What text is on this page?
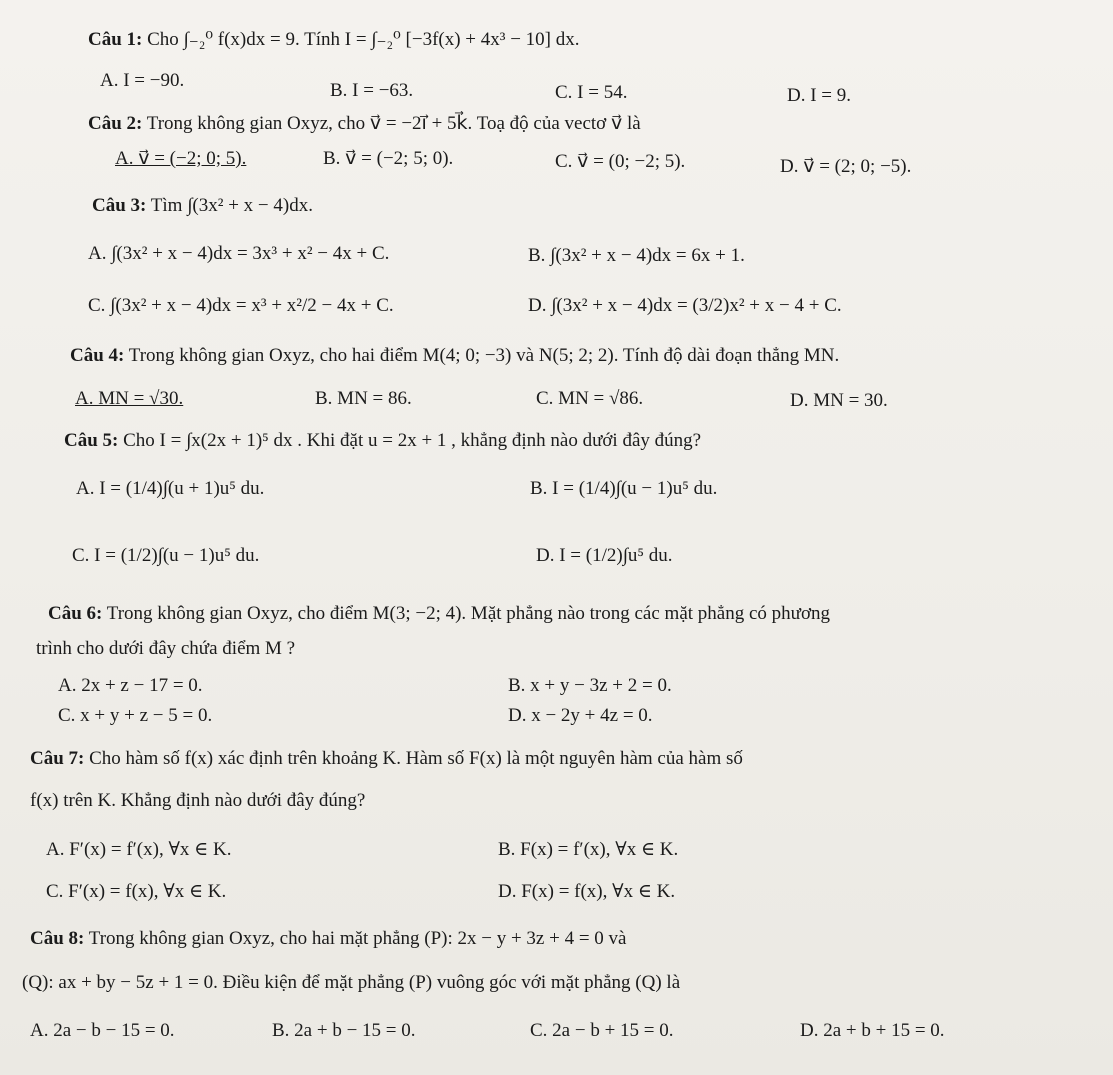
Câu 1: Cho ∫₋₂⁰ f(x)dx = 9. Tính I = ∫₋₂⁰ [−3f(x) + 4x³ − 10] dx.
A. I = −90.	B. I = −63.	C. I = 54.	D. I = 9.
Câu 2: Trong không gian Oxyz, cho v⃗ = −2i⃗ + 5k⃗. Toạ độ của vectơ v⃗ là
A. v⃗ = (−2; 0; 5).	B. v⃗ = (−2; 5; 0).	C. v⃗ = (0; −2; 5).	D. v⃗ = (2; 0; −5).
Câu 3: Tìm ∫(3x² + x − 4)dx.
A. ∫(3x² + x − 4)dx = 3x³ + x² − 4x + C.	B. ∫(3x² + x − 4)dx = 6x + 1.
C. ∫(3x² + x − 4)dx = x³ + x²/2 − 4x + C.	D. ∫(3x² + x − 4)dx = (3/2)x² + x − 4 + C.
Câu 4: Trong không gian Oxyz, cho hai điểm M(4; 0; −3) và N(5; 2; 2). Tính độ dài đoạn thẳng MN.
A. MN = √30.	B. MN = 86.	C. MN = √86.	D. MN = 30.
Câu 5: Cho I = ∫x(2x + 1)⁵ dx . Khi đặt u = 2x + 1 , khẳng định nào dưới đây đúng?
A. I = (1/4)∫(u + 1)u⁵ du.	B. I = (1/4)∫(u − 1)u⁵ du.
C. I = (1/2)∫(u − 1)u⁵ du.	D. I = (1/2)∫u⁵ du.
Câu 6: Trong không gian Oxyz, cho điểm M(3; −2; 4). Mặt phẳng nào trong các mặt phẳng có phương
trình cho dưới đây chứa điểm M ?
A. 2x + z − 17 = 0.	B. x + y − 3z + 2 = 0.
C. x + y + z − 5 = 0.	D. x − 2y + 4z = 0.
Câu 7: Cho hàm số f(x) xác định trên khoảng K. Hàm số F(x) là một nguyên hàm của hàm số
f(x) trên K. Khẳng định nào dưới đây đúng?
A. F′(x) = f′(x), ∀x ∈ K.	B. F(x) = f′(x), ∀x ∈ K.
C. F′(x) = f(x), ∀x ∈ K.	D. F(x) = f(x), ∀x ∈ K.
Câu 8: Trong không gian Oxyz, cho hai mặt phẳng (P): 2x − y + 3z + 4 = 0 và
(Q): ax + by − 5z + 1 = 0. Điều kiện để mặt phẳng (P) vuông góc với mặt phẳng (Q) là
A. 2a − b − 15 = 0.	B. 2a + b − 15 = 0.	C. 2a − b + 15 = 0.	D. 2a + b + 15 = 0.
